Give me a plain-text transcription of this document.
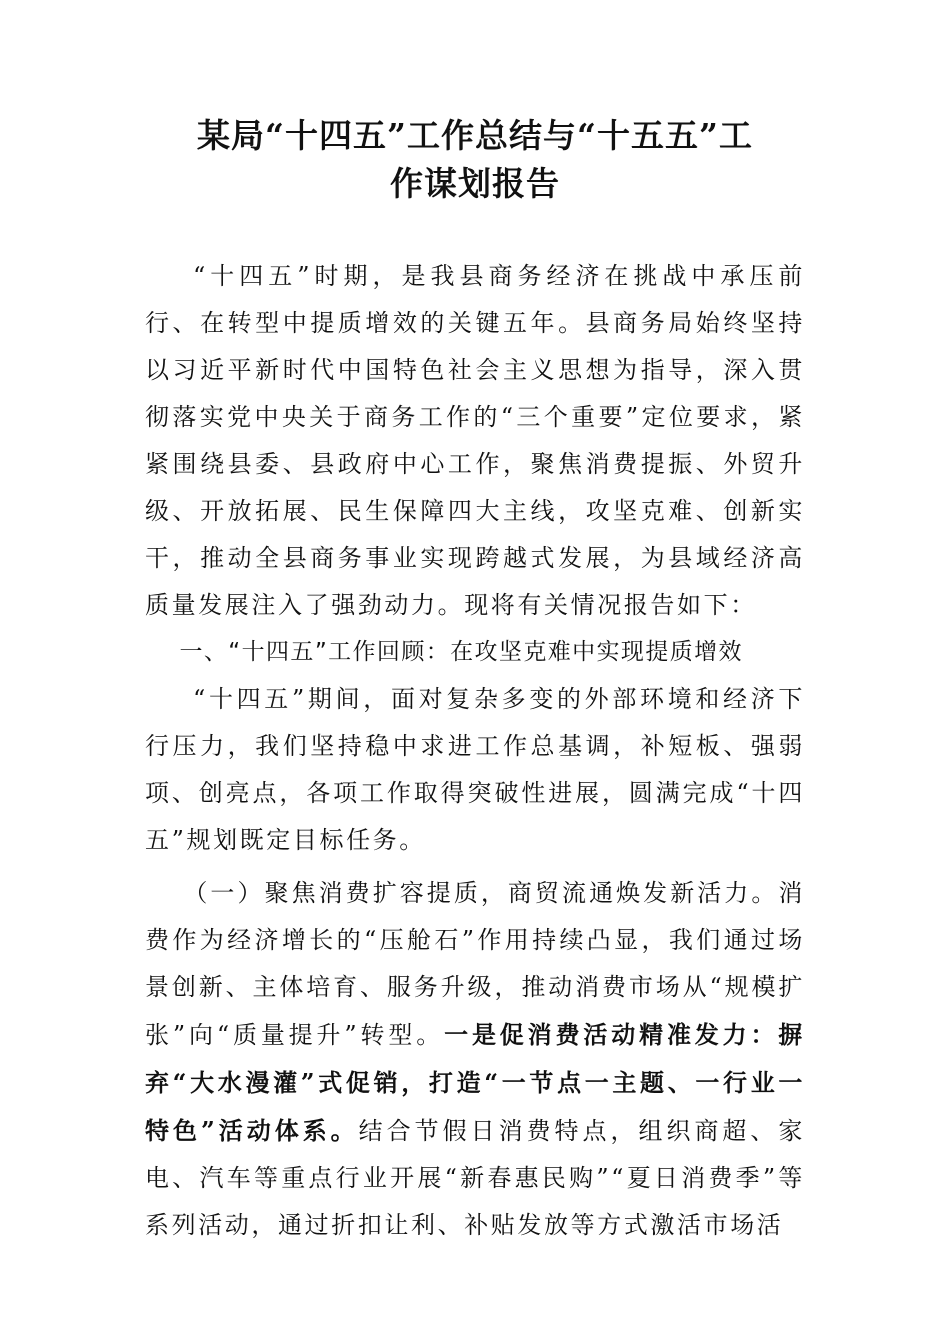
某局“十四五”工作总结与“十五五”工
作谋划报告

“十四五”时期，是我县商务经济在挑战中承压前行、在转型中提质增效的关键五年。县商务局始终坚持以习近平新时代中国特色社会主义思想为指导，深入贯彻落实党中央关于商务工作的“三个重要”定位要求，紧紧围绕县委、县政府中心工作，聚焦消费提振、外贸升级、开放拓展、民生保障四大主线，攻坚克难、创新实干，推动全县商务事业实现跨越式发展，为县域经济高质量发展注入了强劲动力。现将有关情况报告如下：

一、“十四五”工作回顾：在攻坚克难中实现提质增效

“十四五”期间，面对复杂多变的外部环境和经济下行压力，我们坚持稳中求进工作总基调，补短板、强弱项、创亮点，各项工作取得突破性进展，圆满完成“十四五”规划既定目标任务。

（一）聚焦消费扩容提质，商贸流通焕发新活力。消费作为经济增长的“压舱石”作用持续凸显，我们通过场景创新、主体培育、服务升级，推动消费市场从“规模扩张”向“质量提升”转型。一是促消费活动精准发力：摒弃“大水漫灌”式促销，打造“一节点一主题、一行业一特色”活动体系。结合节假日消费特点，组织商超、家电、汽车等重点行业开展“新春惠民购”“夏日消费季”等系列活动，通过折扣让利、补贴发放等方式激活市场活
